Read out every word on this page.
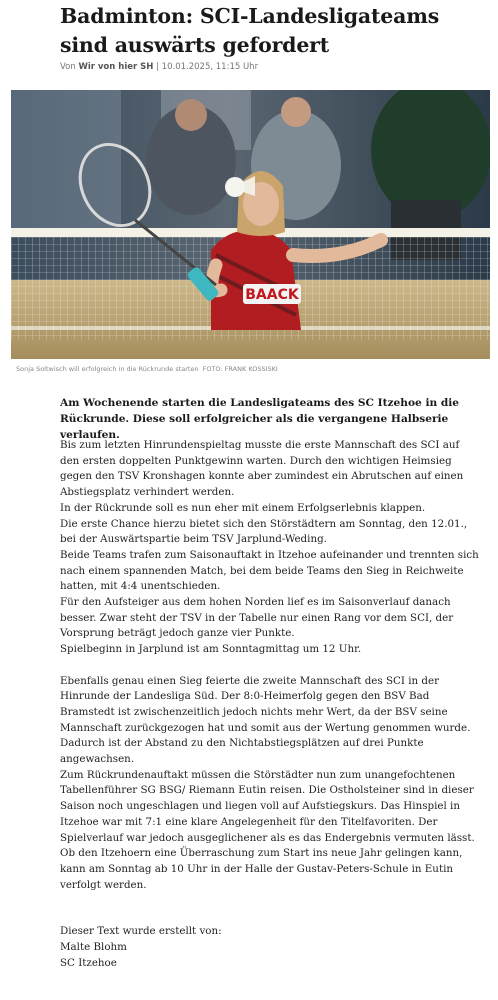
Badminton: SCI-Landesligateams sind auswärts gefordert
Von Wir von hier SH | 10.01.2025, 11:15 Uhr
BAACK
Sonja Soltwisch will erfolgreich in die Rückrunde starten FOTO: FRANK KOSSISKI

Am Wochenende starten die Landesligateams des SC Itzehoe in die Rückrunde. Diese soll erfolgreicher als die vergangene Halbserie verlaufen.

Bis zum letzten Hinrundenspieltag musste die erste Mannschaft des SCI auf den ersten doppelten Punktgewinn warten. Durch den wichtigen Heimsieg gegen den TSV Kronshagen konnte aber zumindest ein Abrutschen auf einen Abstiegsplatz verhindert werden.

In der Rückrunde soll es nun eher mit einem Erfolgserlebnis klappen.

Die erste Chance hierzu bietet sich den Störstädtern am Sonntag, den 12.01., bei der Auswärtspartie beim TSV Jarplund-Weding.

Beide Teams trafen zum Saisonauftakt in Itzehoe aufeinander und trennten sich nach einem spannenden Match, bei dem beide Teams den Sieg in Reichweite hatten, mit 4:4 unentschieden.

Für den Aufsteiger aus dem hohen Norden lief es im Saisonverlauf danach besser. Zwar steht der TSV in der Tabelle nur einen Rang vor dem SCI, der Vorsprung beträgt jedoch ganze vier Punkte.

Spielbeginn in Jarplund ist am Sonntagmittag um 12 Uhr.

Ebenfalls genau einen Sieg feierte die zweite Mannschaft des SCI in der Hinrunde der Landesliga Süd. Der 8:0-Heimerfolg gegen den BSV Bad Bramstedt ist zwischenzeitlich jedoch nichts mehr Wert, da der BSV seine Mannschaft zurückgezogen hat und somit aus der Wertung genommen wurde. Dadurch ist der Abstand zu den Nichtabstiegsplätzen auf drei Punkte angewachsen.

Zum Rückrundenauftakt müssen die Störstädter nun zum unangefochtenen Tabellenführer SG BSG/ Riemann Eutin reisen. Die Ostholsteiner sind in dieser Saison noch ungeschlagen und liegen voll auf Aufstiegskurs. Das Hinspiel in Itzehoe war mit 7:1 eine klare Angelegenheit für den Titelfavoriten. Der Spielverlauf war jedoch ausgeglichener als es das Endergebnis vermuten lässt.

Ob den Itzehoern eine Überraschung zum Start ins neue Jahr gelingen kann, kann am Sonntag ab 10 Uhr in der Halle der Gustav-Peters-Schule in Eutin verfolgt werden.

Dieser Text wurde erstellt von:

Malte Blohm

SC Itzehoe
